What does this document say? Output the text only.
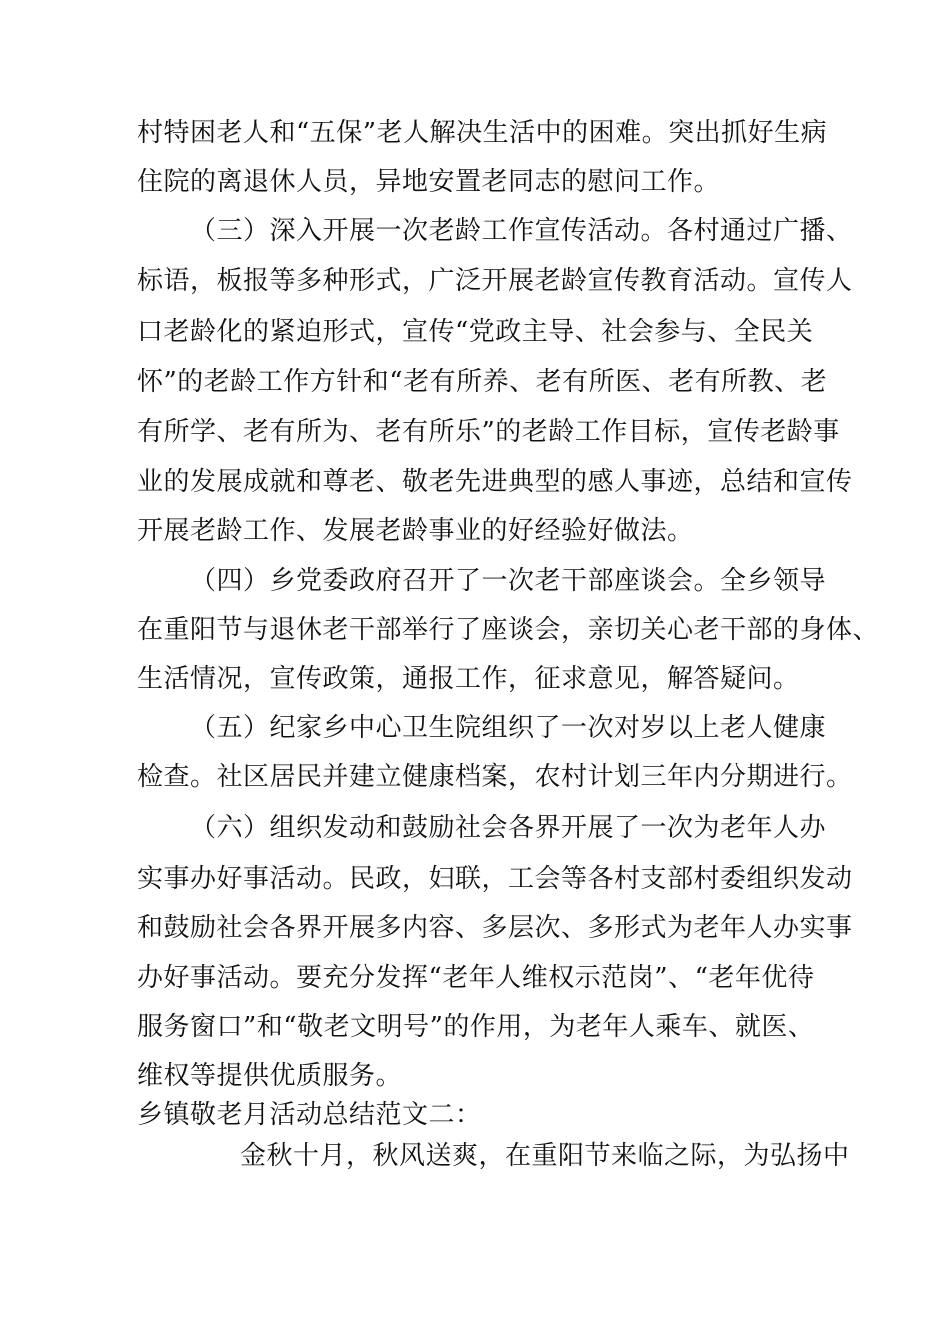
村特困老人和“五保”老人解决生活中的困难。突出抓好生病
住院的离退休人员，异地安置老同志的慰问工作。
（三）深入开展一次老龄工作宣传活动。各村通过广播、
标语，板报等多种形式，广泛开展老龄宣传教育活动。宣传人
口老龄化的紧迫形式，宣传“党政主导、社会参与、全民关
怀”的老龄工作方针和“老有所养、老有所医、老有所教、老
有所学、老有所为、老有所乐”的老龄工作目标，宣传老龄事
业的发展成就和尊老、敬老先进典型的感人事迹，总结和宣传
开展老龄工作、发展老龄事业的好经验好做法。
（四）乡党委政府召开了一次老干部座谈会。全乡领导
在重阳节与退休老干部举行了座谈会，亲切关心老干部的身体、
生活情况，宣传政策，通报工作，征求意见，解答疑问。
（五）纪家乡中心卫生院组织了一次对岁以上老人健康
检查。社区居民并建立健康档案，农村计划三年内分期进行。
（六）组织发动和鼓励社会各界开展了一次为老年人办
实事办好事活动。民政，妇联，工会等各村支部村委组织发动
和鼓励社会各界开展多内容、多层次、多形式为老年人办实事
办好事活动。要充分发挥“老年人维权示范岗”、“老年优待
服务窗口”和“敬老文明号”的作用，为老年人乘车、就医、
维权等提供优质服务。
乡镇敬老月活动总结范文二：
金秋十月，秋风送爽，在重阳节来临之际，为弘扬中
